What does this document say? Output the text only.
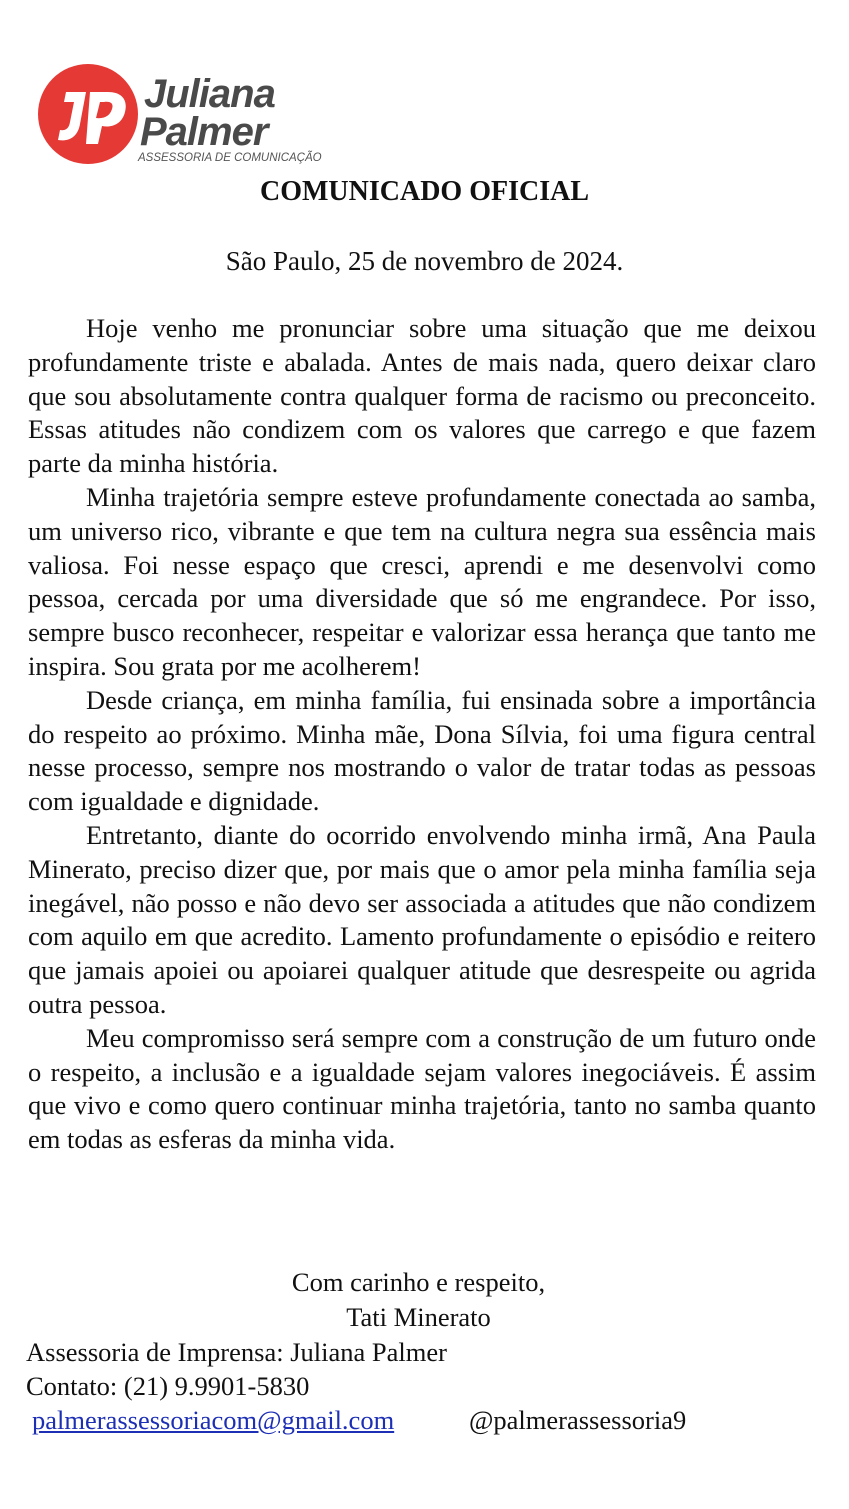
Juliana
Palmer
ASSESSORIA DE COMUNICAÇÃO
COMUNICADO OFICIAL
São Paulo, 25 de novembro de 2024.

Hoje venho me pronunciar sobre uma situação que me deixou profundamente triste e abalada. Antes de mais nada, quero deixar claro que sou absolutamente contra qualquer forma de racismo ou preconceito. Essas atitudes não condizem com os valores que carrego e que fazem parte da minha história.

Minha trajetória sempre esteve profundamente conectada ao samba, um universo rico, vibrante e que tem na cultura negra sua essência mais valiosa. Foi nesse espaço que cresci, aprendi e me desenvolvi como pessoa, cercada por uma diversidade que só me engrandece. Por isso, sempre busco reconhecer, respeitar e valorizar essa herança que tanto me inspira. Sou grata por me acolherem!

Desde criança, em minha família, fui ensinada sobre a importância do respeito ao próximo. Minha mãe, Dona Sílvia, foi uma figura central nesse processo, sempre nos mostrando o valor de tratar todas as pessoas com igualdade e dignidade.

Entretanto, diante do ocorrido envolvendo minha irmã, Ana Paula Minerato, preciso dizer que, por mais que o amor pela minha família seja inegável, não posso e não devo ser associada a atitudes que não condizem com aquilo em que acredito. Lamento profundamente o episódio e reitero que jamais apoiei ou apoiarei qualquer atitude que desrespeite ou agrida outra pessoa.

Meu compromisso será sempre com a construção de um futuro onde o respeito, a inclusão e a igualdade sejam valores inegociáveis. É assim que vivo e como quero continuar minha trajetória, tanto no samba quanto em todas as esferas da minha vida.

Com carinho e respeito,
Tati Minerato
Assessoria de Imprensa: Juliana Palmer
Contato: (21) 9.9901-5830
palmerassessoriacom@gmail.com	@palmerassessoria9
